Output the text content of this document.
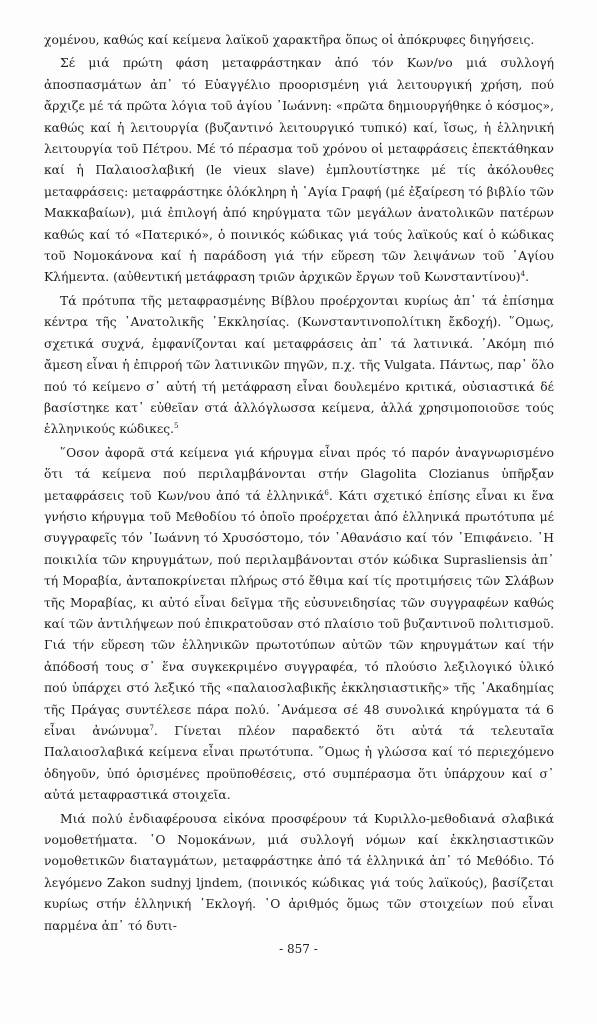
χομένου, καθώς καί κείμενα λαϊκοῦ χαρακτῆρα ὅπως οἱ ἀπόκρυφες διηγήσεις.

Σέ μιά πρώτη φάση μεταφράστηκαν ἀπό τόν Κων/νο μιά συλλογή ἀποσπασμάτων ἀπ᾽ τό Εὐαγγέλιο προορισμένη γιά λειτουργική χρήση, πού ἄρχιζε μέ τά πρῶτα λόγια τοῦ ἁγίου ᾿Ιωάννη: «πρῶτα δημιουργήθηκε ὁ κόσμος», καθώς καί ἡ λειτουργία (βυζαντινό λειτουργικό τυπικό) καί, ἴσως, ἡ ἑλληνική λειτουργία τοῦ Πέτρου. Μέ τό πέρασμα τοῦ χρόνου οἱ μεταφράσεις ἐπεκτάθηκαν καί ἡ Παλαιοσλαβική (le vieux slave) ἐμπλουτίστηκε μέ τίς ἀκόλουθες μεταφράσεις: μεταφράστηκε ὁλόκληρη ἡ ῾Αγία Γραφή (μέ ἐξαίρεση τό βιβλίο τῶν Μακκαβαίων), μιά ἐπιλογή ἀπό κηρύγματα τῶν μεγάλων ἀνατολικῶν πατέρων καθώς καί τό «Πατερικό», ὁ ποινικός κώδικας γιά τούς λαϊκούς καί ὁ κώδικας τοῦ Νομοκάνονα καί ἡ παράδοση γιά τήν εὕρεση τῶν λειψάνων τοῦ ῾Αγίου Κλήμεντα. (αὐθεντική μετάφραση τριῶν ἀρχικῶν ἔργων τοῦ Κωνσταντίνου)$^4$.

Τά πρότυπα τῆς μεταφρασμένης Βίβλου προέρχονται κυρίως ἀπ᾽ τά ἐπίσημα κέντρα τῆς ᾿Ανατολικῆς ᾿Εκκλησίας. (Κωνσταντινοπολίτικη ἔκδοχή). ῞Ομως, σχετικά συχνά, ἐμφανίζονται καί μεταφράσεις ἀπ᾽ τά λατινικά. ᾿Ακόμη πιό ἄμεση εἶναι ἡ ἐπιρροή τῶν λατινικῶν πηγῶν, π.χ. τῆς Vulgata. Πάντως, παρ᾽ ὅλο πού τό κείμενο σ᾽ αὐτή τή μετάφραση εἶναι δουλεμένο κριτικά, οὐσιαστικά δέ βασίστηκε κατ᾽ εὐθεῖαν στά ἀλλόγλωσσα κείμενα, ἀλλά χρησιμοποιοῦσε τούς ἑλληνικούς κώδικες.$^5$

῞Οσον ἀφορᾶ στά κείμενα γιά κήρυγμα εἶναι πρός τό παρόν ἀναγνωρισμένο ὅτι τά κείμενα πού περιλαμβάνονται στήν Glagolita Clozianus ὑπῆρξαν μεταφράσεις τοῦ Κων/νου ἀπό τά ἑλληνικά$^6$. Κάτι σχετικό ἐπίσης εἶναι κι ἕνα γνήσιο κήρυγμα τοῦ Μεθοδίου τό ὁποῖο προέρχεται ἀπό ἑλληνικά πρωτότυπα μέ συγγραφεῖς τόν ᾿Ιωάννη τό Χρυσόστομο, τόν ᾿Αθανάσιο καί τόν ᾿Επιφάνειο. ῾Η ποικιλία τῶν κηρυγμάτων, πού περιλαμβάνονται στόν κώδικα Suprasliensis ἀπ᾽ τή Μοραβία, ἀνταποκρίνεται πλήρως στό ἔθιμα καί τίς προτιμήσεις τῶν Σλάβων τῆς Μοραβίας, κι αὐτό εἶναι δεῖγμα τῆς εὐσυνειδησίας τῶν συγγραφέων καθώς καί τῶν ἀντιλήψεων πού ἐπικρατοῦσαν στό πλαίσιο τοῦ βυζαντινοῦ πολιτισμοῦ. Γιά τήν εὕρεση τῶν ἑλληνικῶν πρωτοτύπων αὐτῶν τῶν κηρυγμάτων καί τήν ἀπόδοσή τους σ᾽ ἕνα συγκεκριμένο συγγραφέα, τό πλούσιο λεξιλογικό ὑλικό πού ὑπάρχει στό λεξικό τῆς «παλαιοσλαβικῆς ἐκκλησιαστικῆς» τῆς ᾿Ακαδημίας τῆς Πράγας συντέλεσε πάρα πολύ. ᾿Ανάμεσα σέ 48 συνολικά κηρύγματα τά 6 εἶναι ἀνώνυμα$^7$. Γίνεται πλέον παραδεκτό ὅτι αὐτά τά τελευταῖα Παλαιοσλαβικά κείμενα εἶναι πρωτότυπα. ῞Ομως ἡ γλώσσα καί τό περιεχόμενο ὁδηγοῦν, ὑπό ὁρισμένες προϋποθέσεις, στό συμπέρασμα ὅτι ὑπάρχουν καί σ᾽ αὐτά μεταφραστικά στοιχεῖα.

Μιά πολύ ἐνδιαφέρουσα εἰκόνα προσφέρουν τά Κυριλλο-μεθοδιανά σλαβικά νομοθετήματα. ῾Ο Νομοκάνων, μιά συλλογή νόμων καί ἐκκλησιαστικῶν νομοθετικῶν διαταγμάτων, μεταφράστηκε ἀπό τά ἑλληνικά ἀπ᾽ τό Μεθόδιο. Τό λεγόμενο Zakon sudnyj ljndem, (ποινικός κώδικας γιά τούς λαϊκούς), βασίζεται κυρίως στήν ἑλληνική ᾿Εκλογή. ῾Ο ἀριθμός ὅμως τῶν στοιχείων πού εἶναι παρμένα ἀπ᾽ τό δυτι-

- 857 -
